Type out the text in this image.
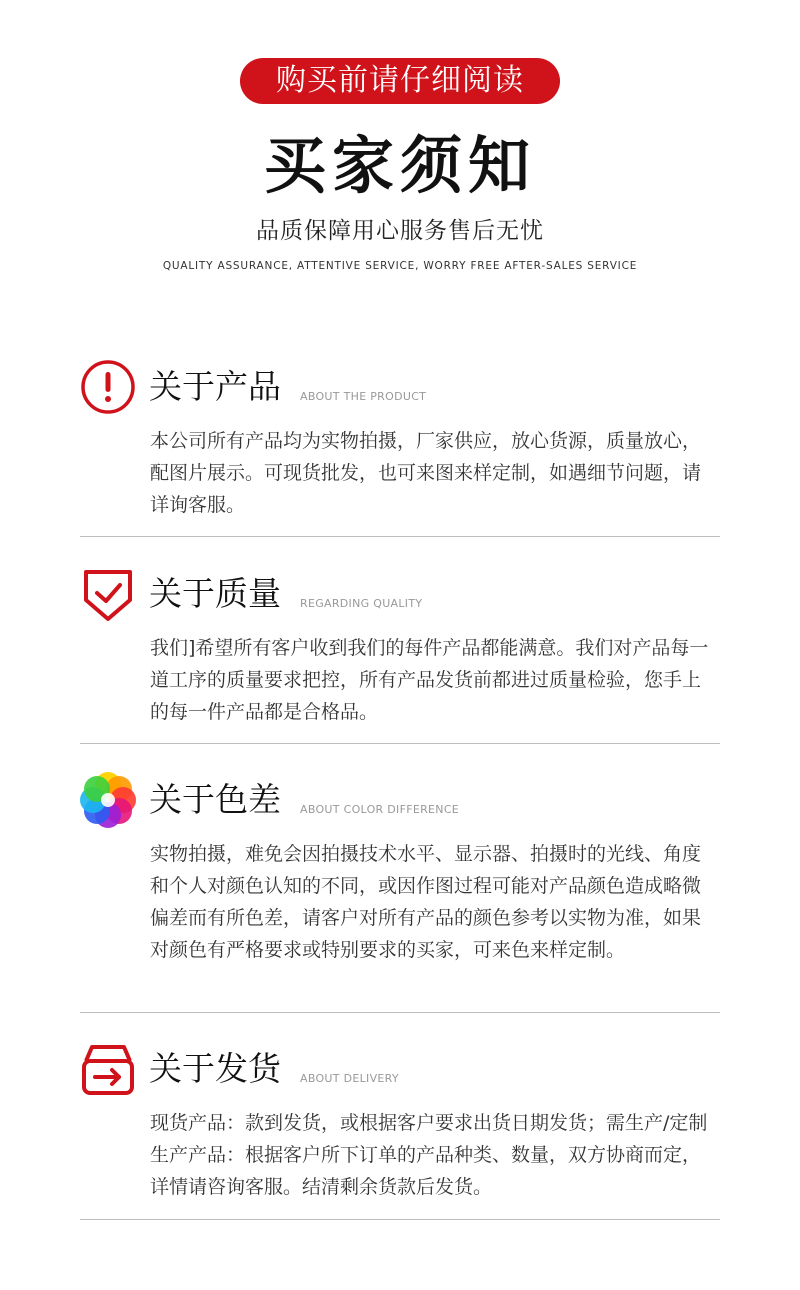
购买前请仔细阅读
买家须知
品质保障用心服务售后无忧
QUALITY ASSURANCE, ATTENTIVE SERVICE, WORRY FREE AFTER-SALES SERVICE
关于产品 ABOUT THE PRODUCT
本公司所有产品均为实物拍摄，厂家供应，放心货源，质量放心，配图片展示。可现货批发，也可来图来样定制，如遇细节问题，请详询客服。
关于质量 REGARDING QUALITY
我们]希望所有客户收到我们的每件产品都能满意。我们对产品每一道工序的质量要求把控，所有产品发货前都进过质量检验，您手上的每一件产品都是合格品。
关于色差 ABOUT COLOR DIFFERENCE
实物拍摄，难免会因拍摄技术水平、显示器、拍摄时的光线、角度和个人对颜色认知的不同，或因作图过程可能对产品颜色造成略微偏差而有所色差，请客户对所有产品的颜色参考以实物为准，如果对颜色有严格要求或特别要求的买家，可来色来样定制。
关于发货 ABOUT DELIVERY
现货产品：款到发货，或根据客户要求出货日期发货；需生产/定制生产产品：根据客户所下订单的产品种类、数量，双方协商而定，详情请咨询客服。结清剩余货款后发货。
